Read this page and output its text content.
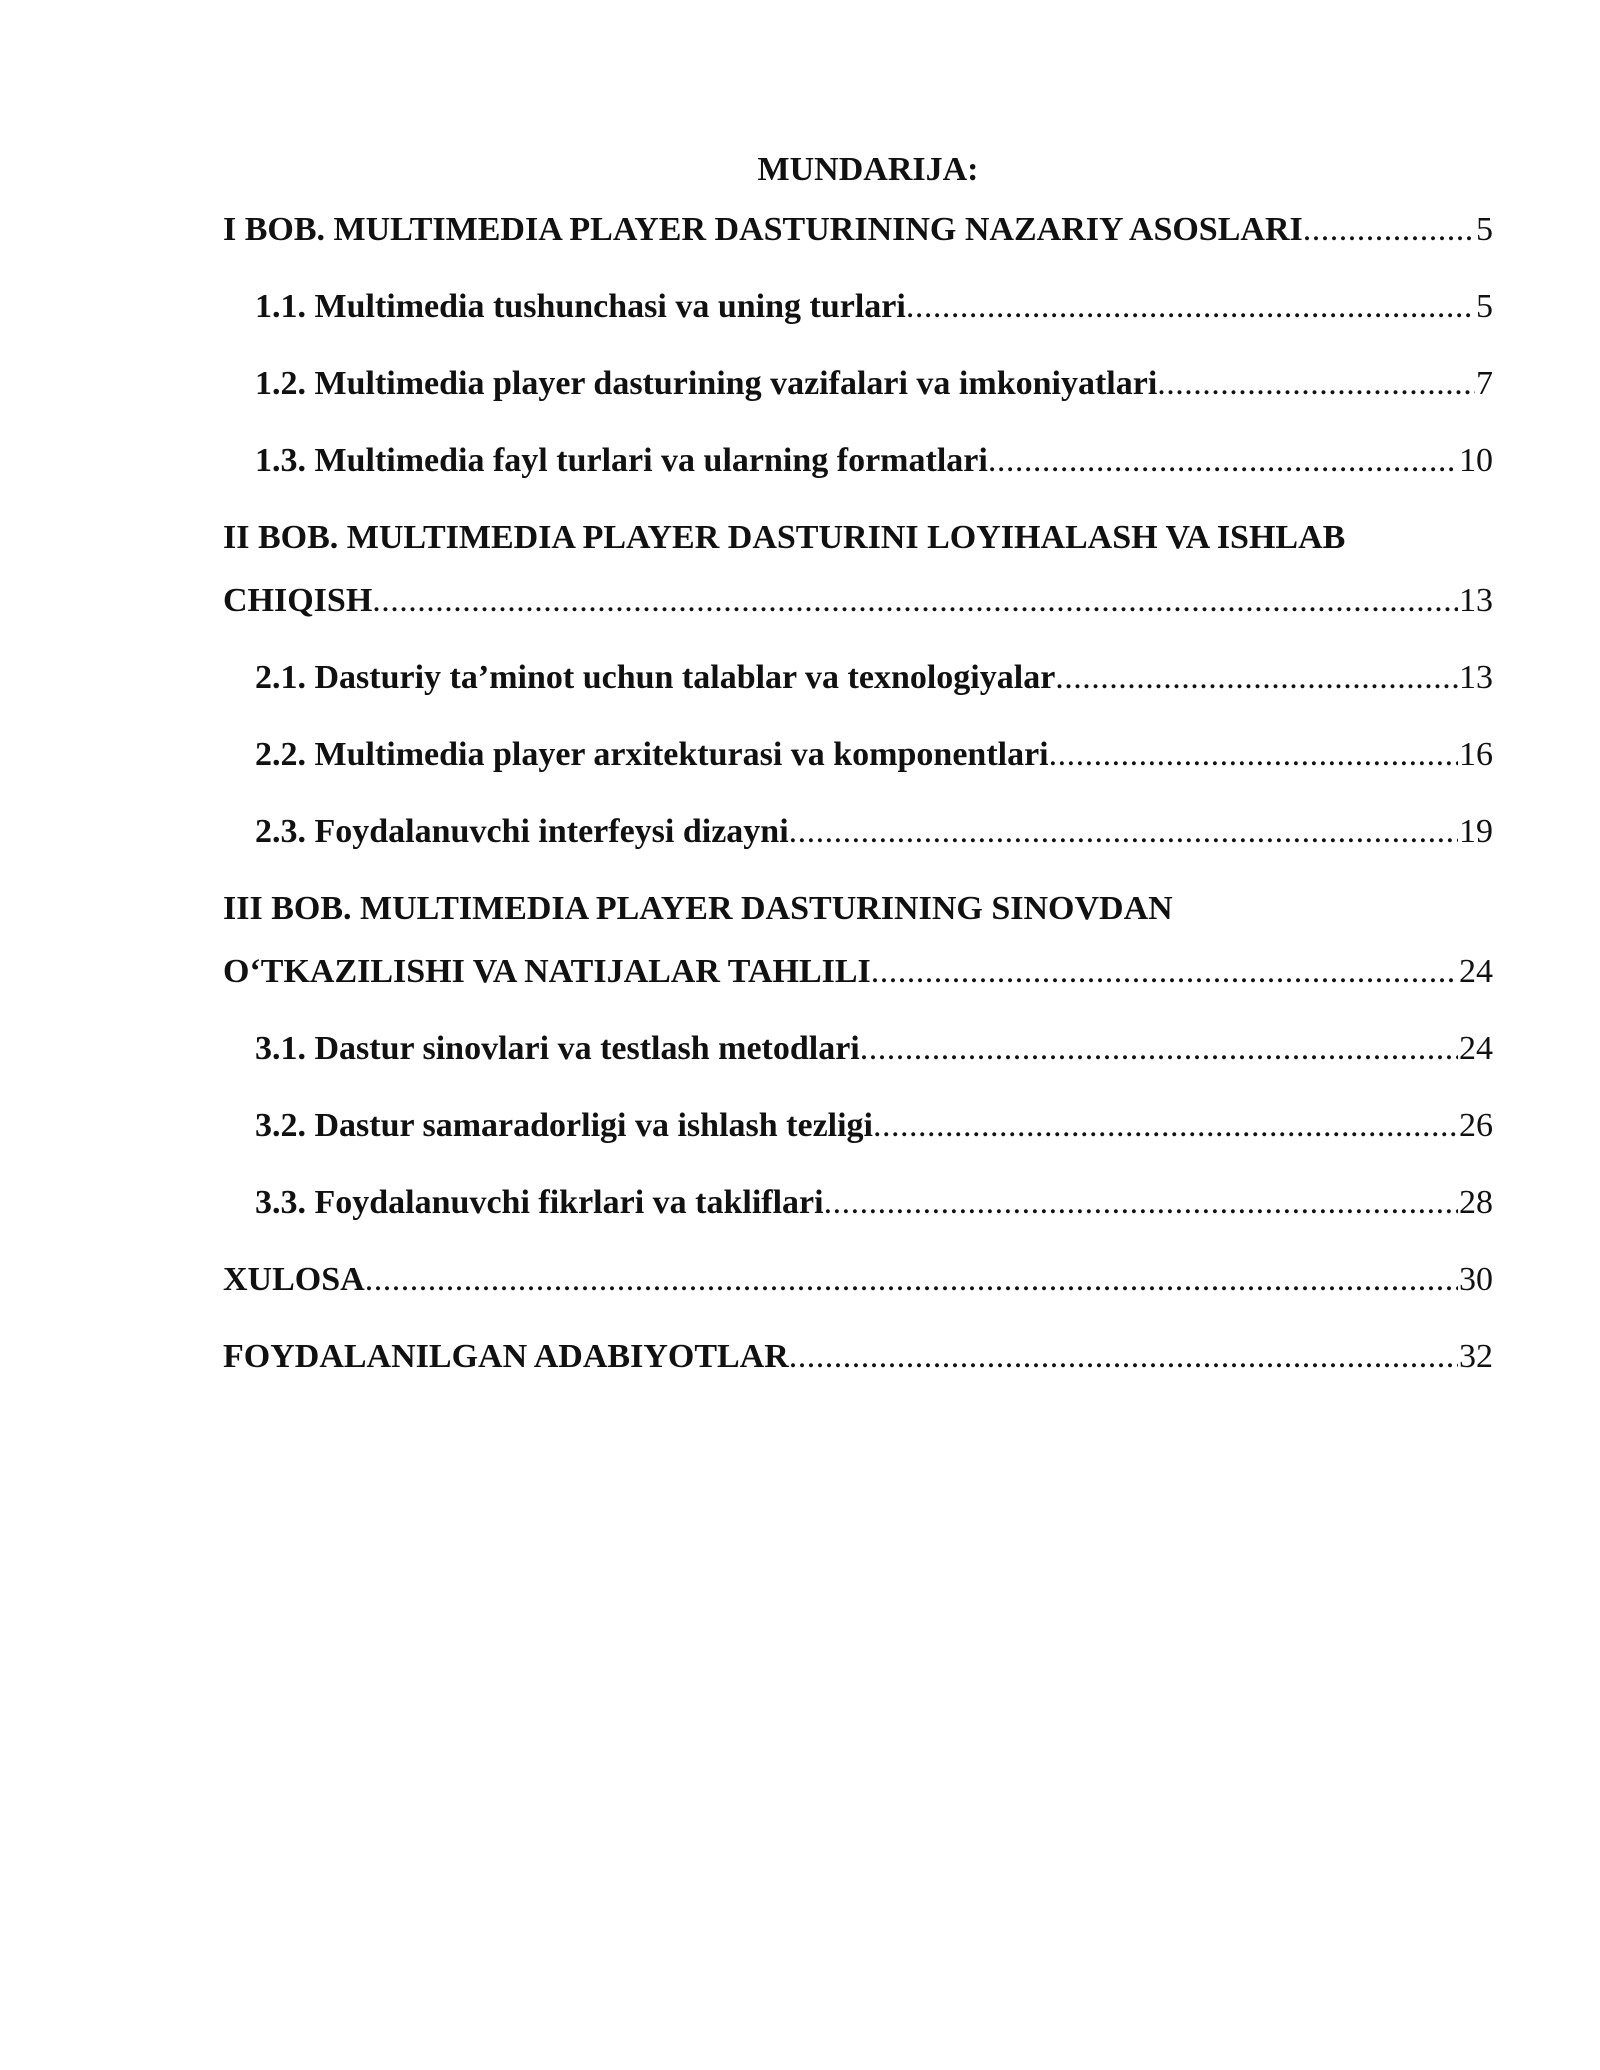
MUNDARIJA:
I BOB. MULTIMEDIA PLAYER DASTURINING NAZARIY ASOSLARI .....	5
1.1. Multimedia tushunchasi va uning turlari .....	5
1.2. Multimedia player dasturining vazifalari va imkoniyatlari .....	7
1.3. Multimedia fayl turlari va ularning formatlari .....	10
II BOB. MULTIMEDIA PLAYER DASTURINI LOYIHALASH VA ISHLAB
CHIQISH .....	13
2.1. Dasturiy ta’minot uchun talablar va texnologiyalar .....	13
2.2. Multimedia player arxitekturasi va komponentlari .....	16
2.3. Foydalanuvchi interfeysi dizayni .....	19
III BOB. MULTIMEDIA PLAYER DASTURINING SINOVDAN
O‘TKAZILISHI VA NATIJALAR TAHLILI .....	24
3.1. Dastur sinovlari va testlash metodlari .....	24
3.2. Dastur samaradorligi va ishlash tezligi .....	26
3.3. Foydalanuvchi fikrlari va takliflari .....	28
XULOSA .....	30
FOYDALANILGAN ADABIYOTLAR .....	32
